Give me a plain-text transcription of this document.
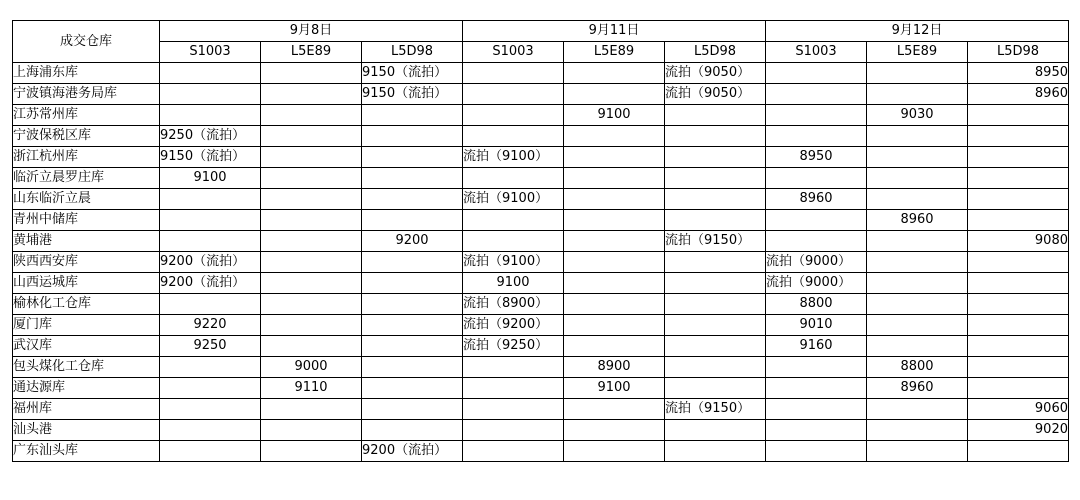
成交仓库	9月8日			9月11日			9月12日		
	S1003	L5E89	L5D98	S1003	L5E89	L5D98	S1003	L5E89	L5D98
上海浦东库			9150（流拍）			流拍（9050）			8950
宁波镇海港务局库			9150（流拍）			流拍（9050）			8960
江苏常州库					9100			9030	
宁波保税区库	9250（流拍）								
浙江杭州库	9150（流拍）			流拍（9100）			8950		
临沂立晨罗庄库	9100								
山东临沂立晨				流拍（9100）			8960		
青州中储库								8960	
黄埔港			9200			流拍（9150）			9080
陕西西安库	9200（流拍）			流拍（9100）			流拍（9000）		
山西运城库	9200（流拍）			9100			流拍（9000）		
榆林化工仓库				流拍（8900）			8800		
厦门库	9220			流拍（9200）			9010		
武汉库	9250			流拍（9250）			9160		
包头煤化工仓库		9000			8900			8800	
通达源库		9110			9100			8960	
福州库						流拍（9150）			9060
汕头港									9020
广东汕头库			9200（流拍）						
